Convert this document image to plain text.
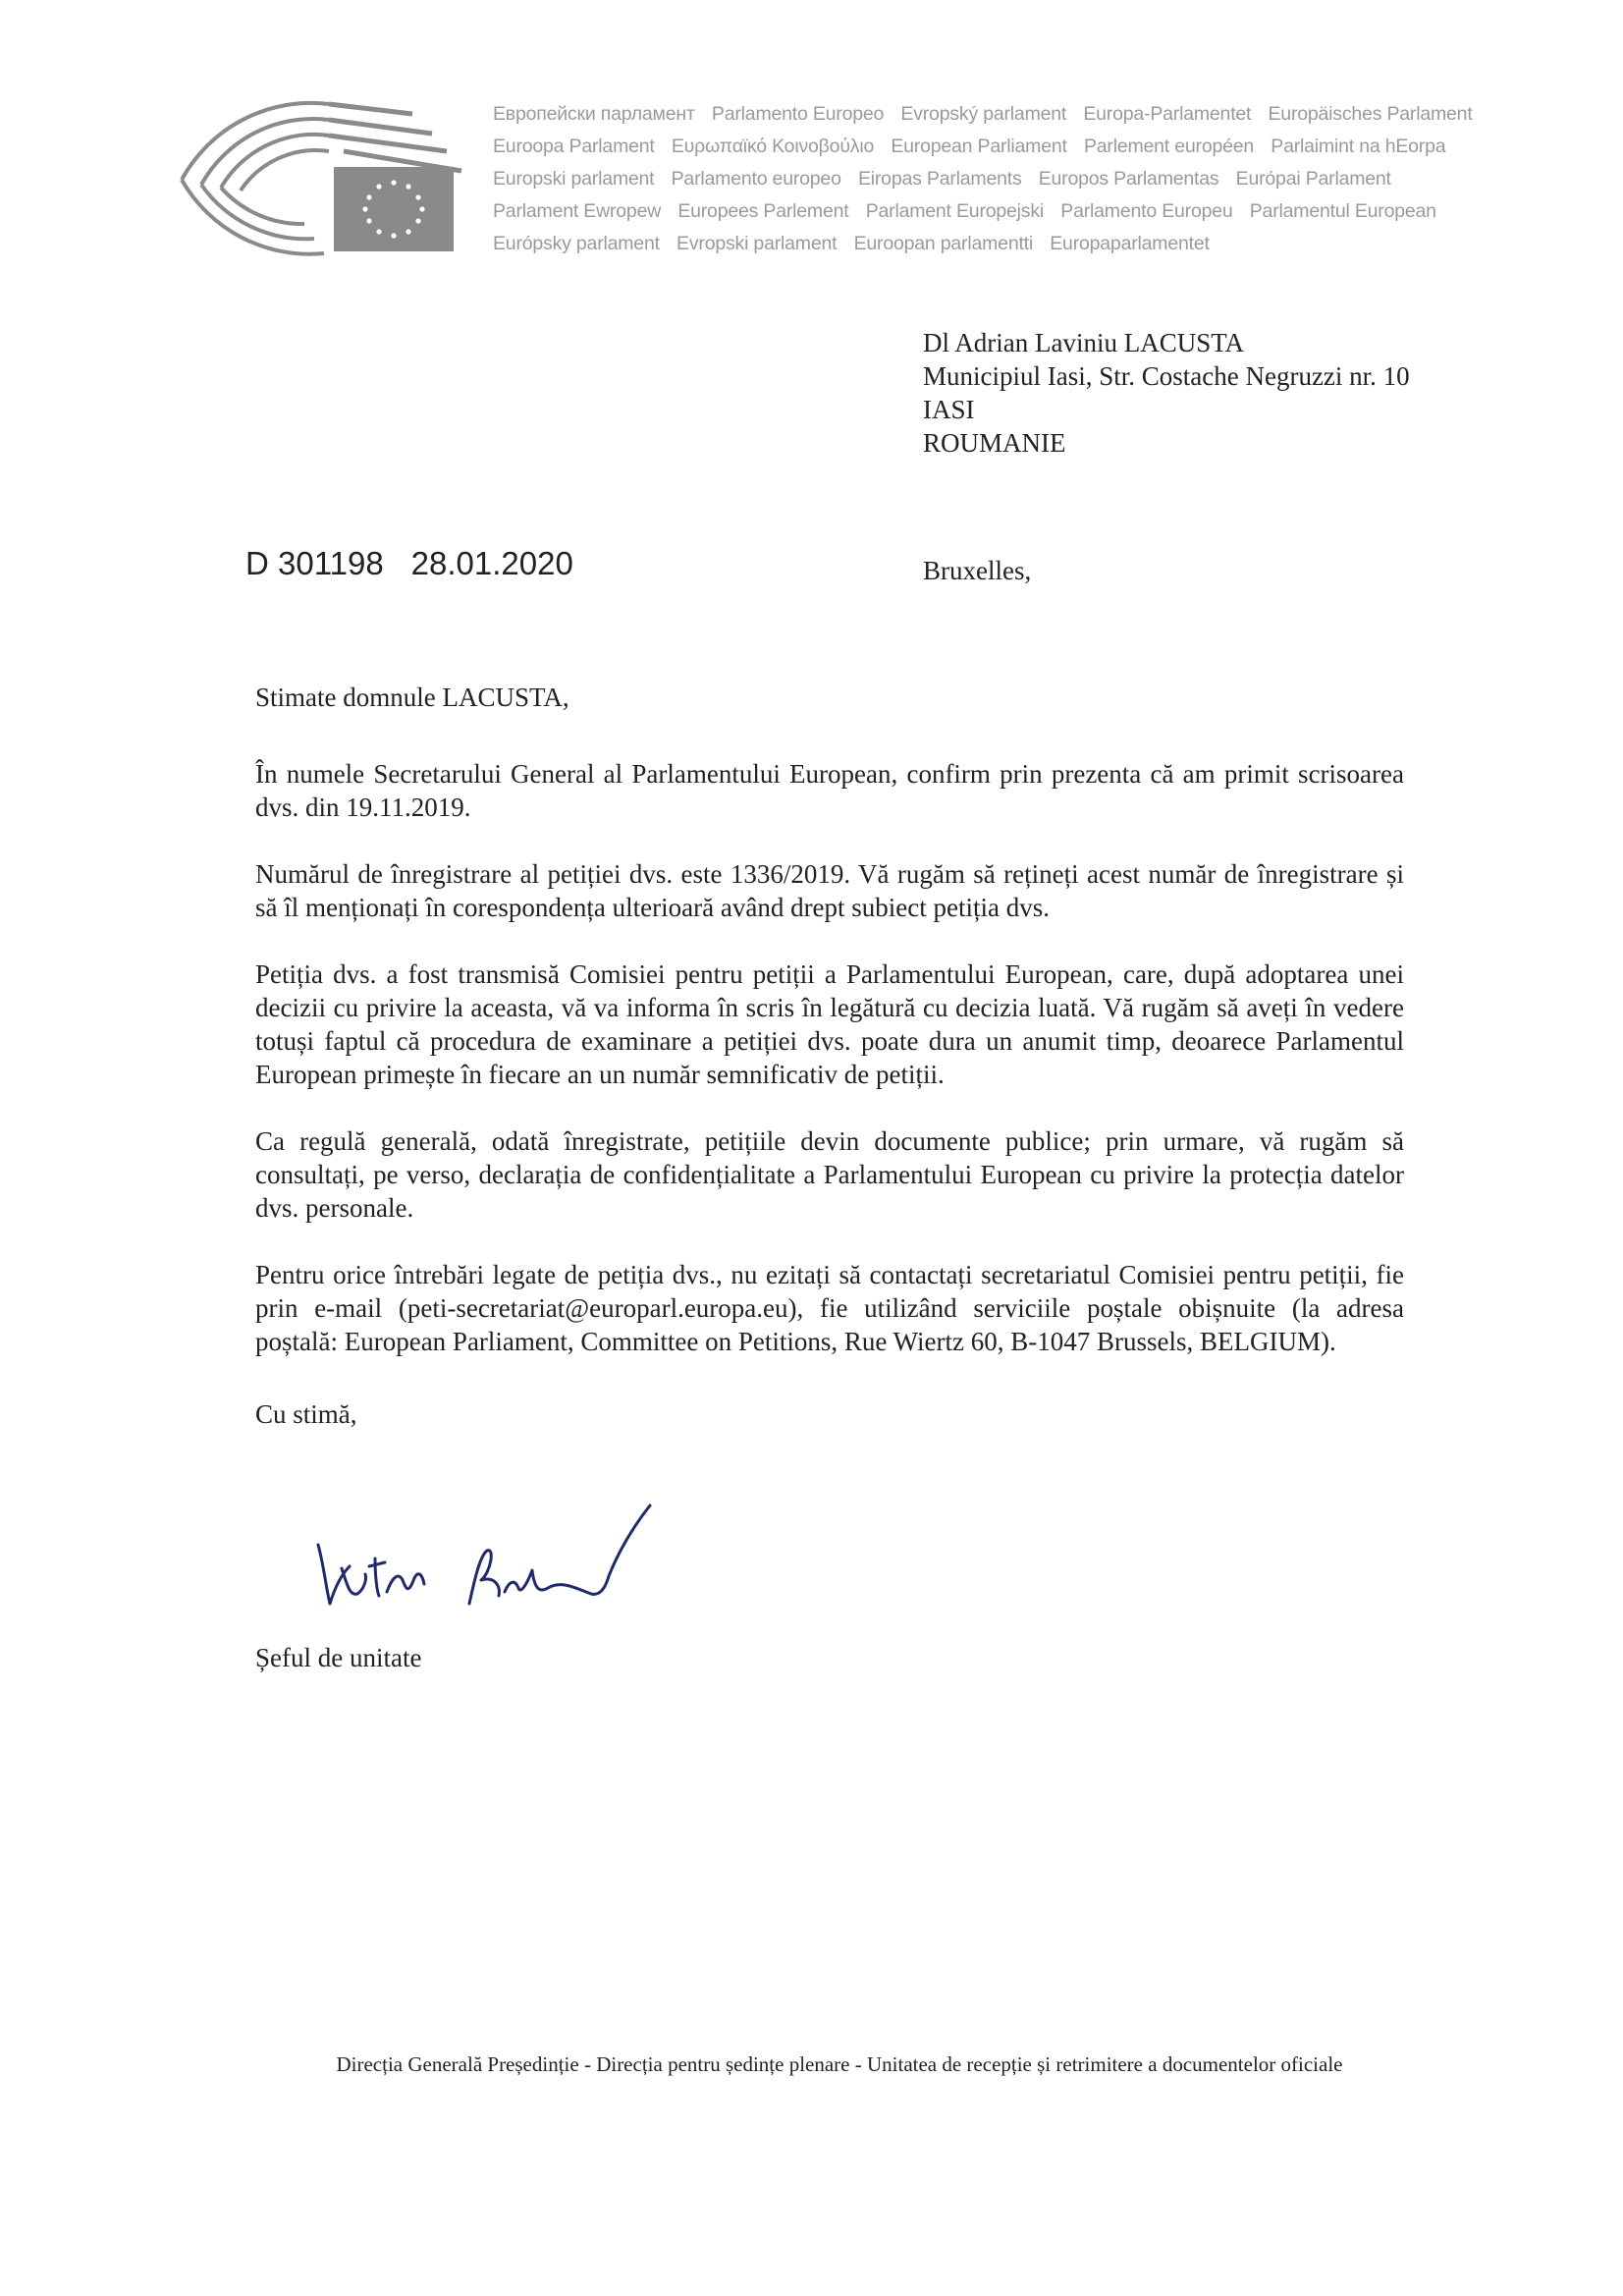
Европейски парламент Parlamento Europeo Evropský parlament Europa-Parlamentet Europäisches Parlament
Euroopa Parlament Ευρωπαϊκό Κοινοβούλιο European Parliament Parlement européen Parlaimint na hEorpa
Europski parlament Parlamento europeo Eiropas Parlaments Europos Parlamentas Európai Parlament
Parlament Ewropew Europees Parlement Parlament Europejski Parlamento Europeu Parlamentul European
Európsky parlament Evropski parlament Euroopan parlamentti Europaparlamentet
Dl Adrian Laviniu LACUSTA
Municipiul Iasi, Str. Costache Negruzzi nr. 10
IASI
ROUMANIE
D 301198 28.01.2020	Bruxelles,

Stimate domnule LACUSTA,

În numele Secretarului General al Parlamentului European, confirm prin prezenta că am primit scrisoarea dvs. din 19.11.2019.

Numărul de înregistrare al petiției dvs. este 1336/2019. Vă rugăm să rețineți acest număr de înregistrare și să îl menționați în corespondența ulterioară având drept subiect petiția dvs.

Petiția dvs. a fost transmisă Comisiei pentru petiții a Parlamentului European, care, după adoptarea unei decizii cu privire la aceasta, vă va informa în scris în legătură cu decizia luată. Vă rugăm să aveți în vedere totuși faptul că procedura de examinare a petiției dvs. poate dura un anumit timp, deoarece Parlamentul European primește în fiecare an un număr semnificativ de petiții.

Ca regulă generală, odată înregistrate, petițiile devin documente publice; prin urmare, vă rugăm să consultați, pe verso, declarația de confidențialitate a Parlamentului European cu privire la protecția datelor dvs. personale.

Pentru orice întrebări legate de petiția dvs., nu ezitați să contactați secretariatul Comisiei pentru petiții, fie prin e-mail (peti-secretariat@europarl.europa.eu), fie utilizând serviciile poștale obișnuite (la adresa poștală: European Parliament, Committee on Petitions, Rue Wiertz 60, B-1047 Brussels, BELGIUM).

Cu stimă,

Șeful de unitate
Direcția Generală Președinție - Direcția pentru ședințe plenare - Unitatea de recepție și retrimitere a documentelor oficiale
